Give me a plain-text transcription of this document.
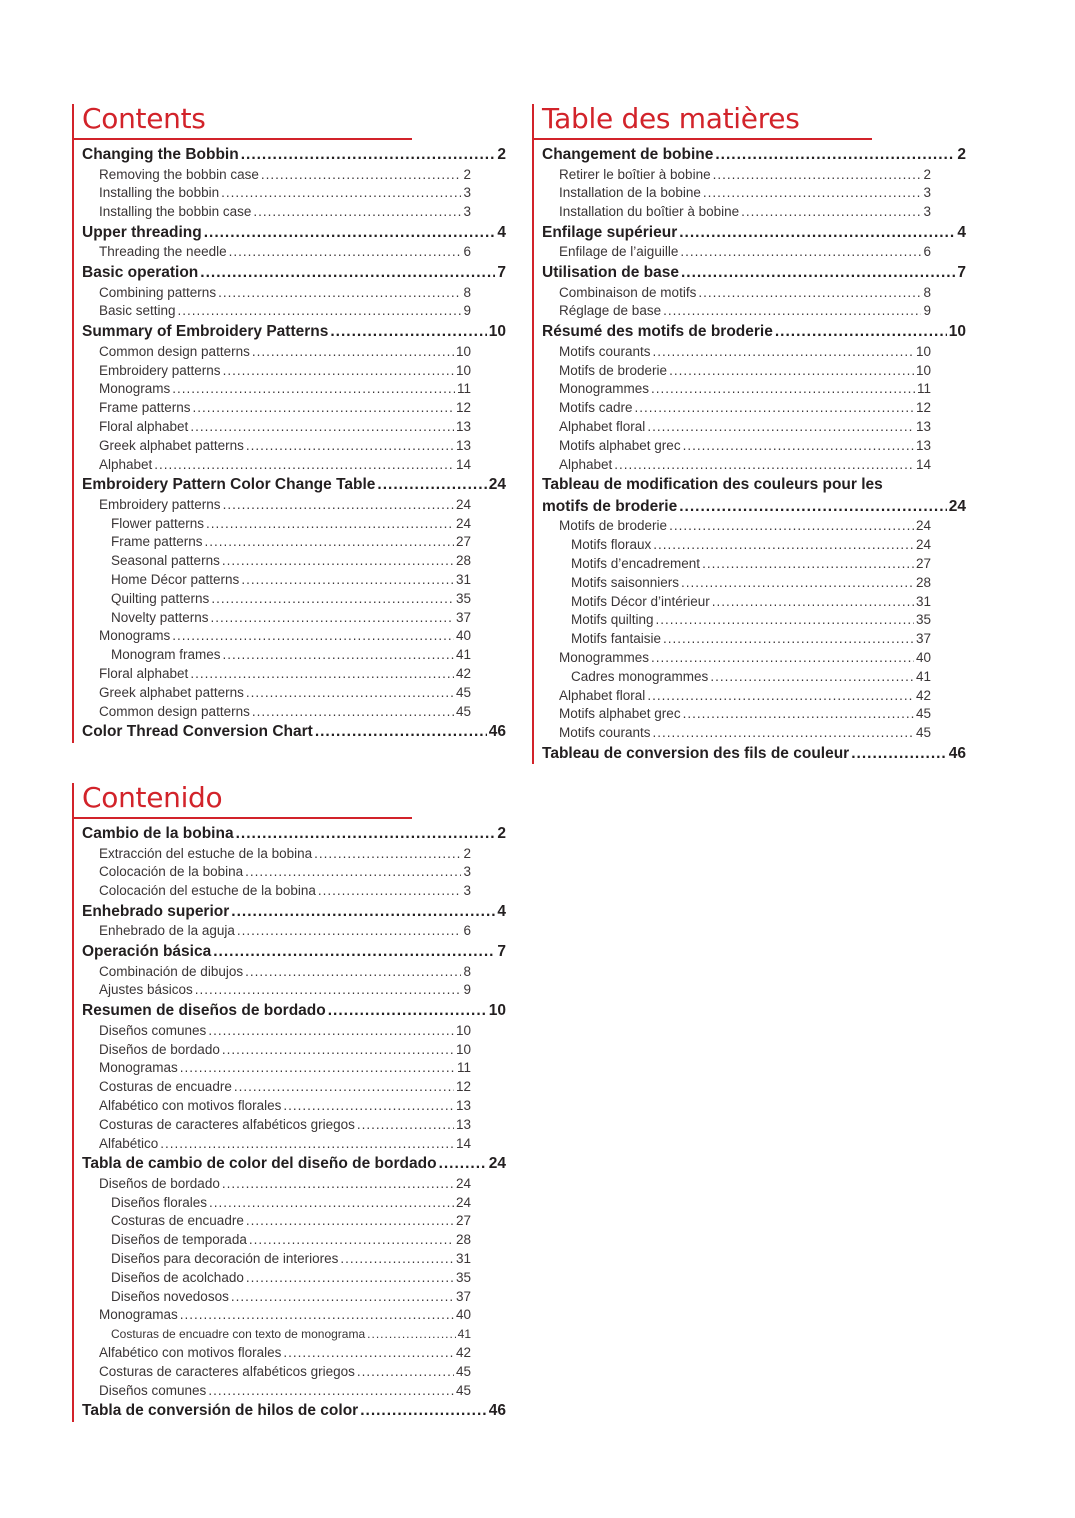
Contents
Changing the Bobbin .....	2
Removing the bobbin case .....	2
Installing the bobbin .....	3
Installing the bobbin case .....	3
Upper threading .....	4
Threading the needle .....	6
Basic operation .....	7
Combining patterns .....	8
Basic setting .....	9
Summary of Embroidery Patterns .....	10
Common design patterns .....	10
Embroidery patterns .....	10
Monograms .....	11
Frame patterns .....	12
Floral alphabet .....	13
Greek alphabet patterns .....	13
Alphabet .....	14
Embroidery Pattern Color Change Table .....	24
Embroidery patterns .....	24
Flower patterns .....	24
Frame patterns .....	27
Seasonal patterns .....	28
Home Décor patterns .....	31
Quilting patterns .....	35
Novelty patterns .....	37
Monograms .....	40
Monogram frames .....	41
Floral alphabet .....	42
Greek alphabet patterns .....	45
Common design patterns .....	45
Color Thread Conversion Chart .....	46
Table des matières
Changement de bobine .....	2
Retirer le boîtier à bobine .....	2
Installation de la bobine .....	3
Installation du boîtier à bobine .....	3
Enfilage supérieur .....	4
Enfilage de l’aiguille .....	6
Utilisation de base .....	7
Combinaison de motifs .....	8
Réglage de base .....	9
Résumé des motifs de broderie .....	10
Motifs courants .....	10
Motifs de broderie .....	10
Monogrammes .....	11
Motifs cadre .....	12
Alphabet floral .....	13
Motifs alphabet grec .....	13
Alphabet .....	14
Tableau de modification des couleurs pour les
motifs de broderie .....	24
Motifs de broderie .....	24
Motifs floraux .....	24
Motifs d’encadrement .....	27
Motifs saisonniers .....	28
Motifs Décor d’intérieur .....	31
Motifs quilting .....	35
Motifs fantaisie .....	37
Monogrammes .....	40
Cadres monogrammes .....	41
Alphabet floral .....	42
Motifs alphabet grec .....	45
Motifs courants .....	45
Tableau de conversion des fils de couleur .....	46
Contenido
Cambio de la bobina .....	2
Extracción del estuche de la bobina .....	2
Colocación de la bobina .....	3
Colocación del estuche de la bobina .....	3
Enhebrado superior .....	4
Enhebrado de la aguja .....	6
Operación básica .....	7
Combinación de dibujos .....	8
Ajustes básicos .....	9
Resumen de diseños de bordado .....	10
Diseños comunes .....	10
Diseños de bordado .....	10
Monogramas .....	11
Costuras de encuadre .....	12
Alfabético con motivos florales .....	13
Costuras de caracteres alfabéticos griegos .....	13
Alfabético .....	14
Tabla de cambio de color del diseño de bordado .....	24
Diseños de bordado .....	24
Diseños florales .....	24
Costuras de encuadre .....	27
Diseños de temporada .....	28
Diseños para decoración de interiores .....	31
Diseños de acolchado .....	35
Diseños novedosos .....	37
Monogramas .....	40
Costuras de encuadre con texto de monograma .....	41
Alfabético con motivos florales .....	42
Costuras de caracteres alfabéticos griegos .....	45
Diseños comunes .....	45
Tabla de conversión de hilos de color .....	46
